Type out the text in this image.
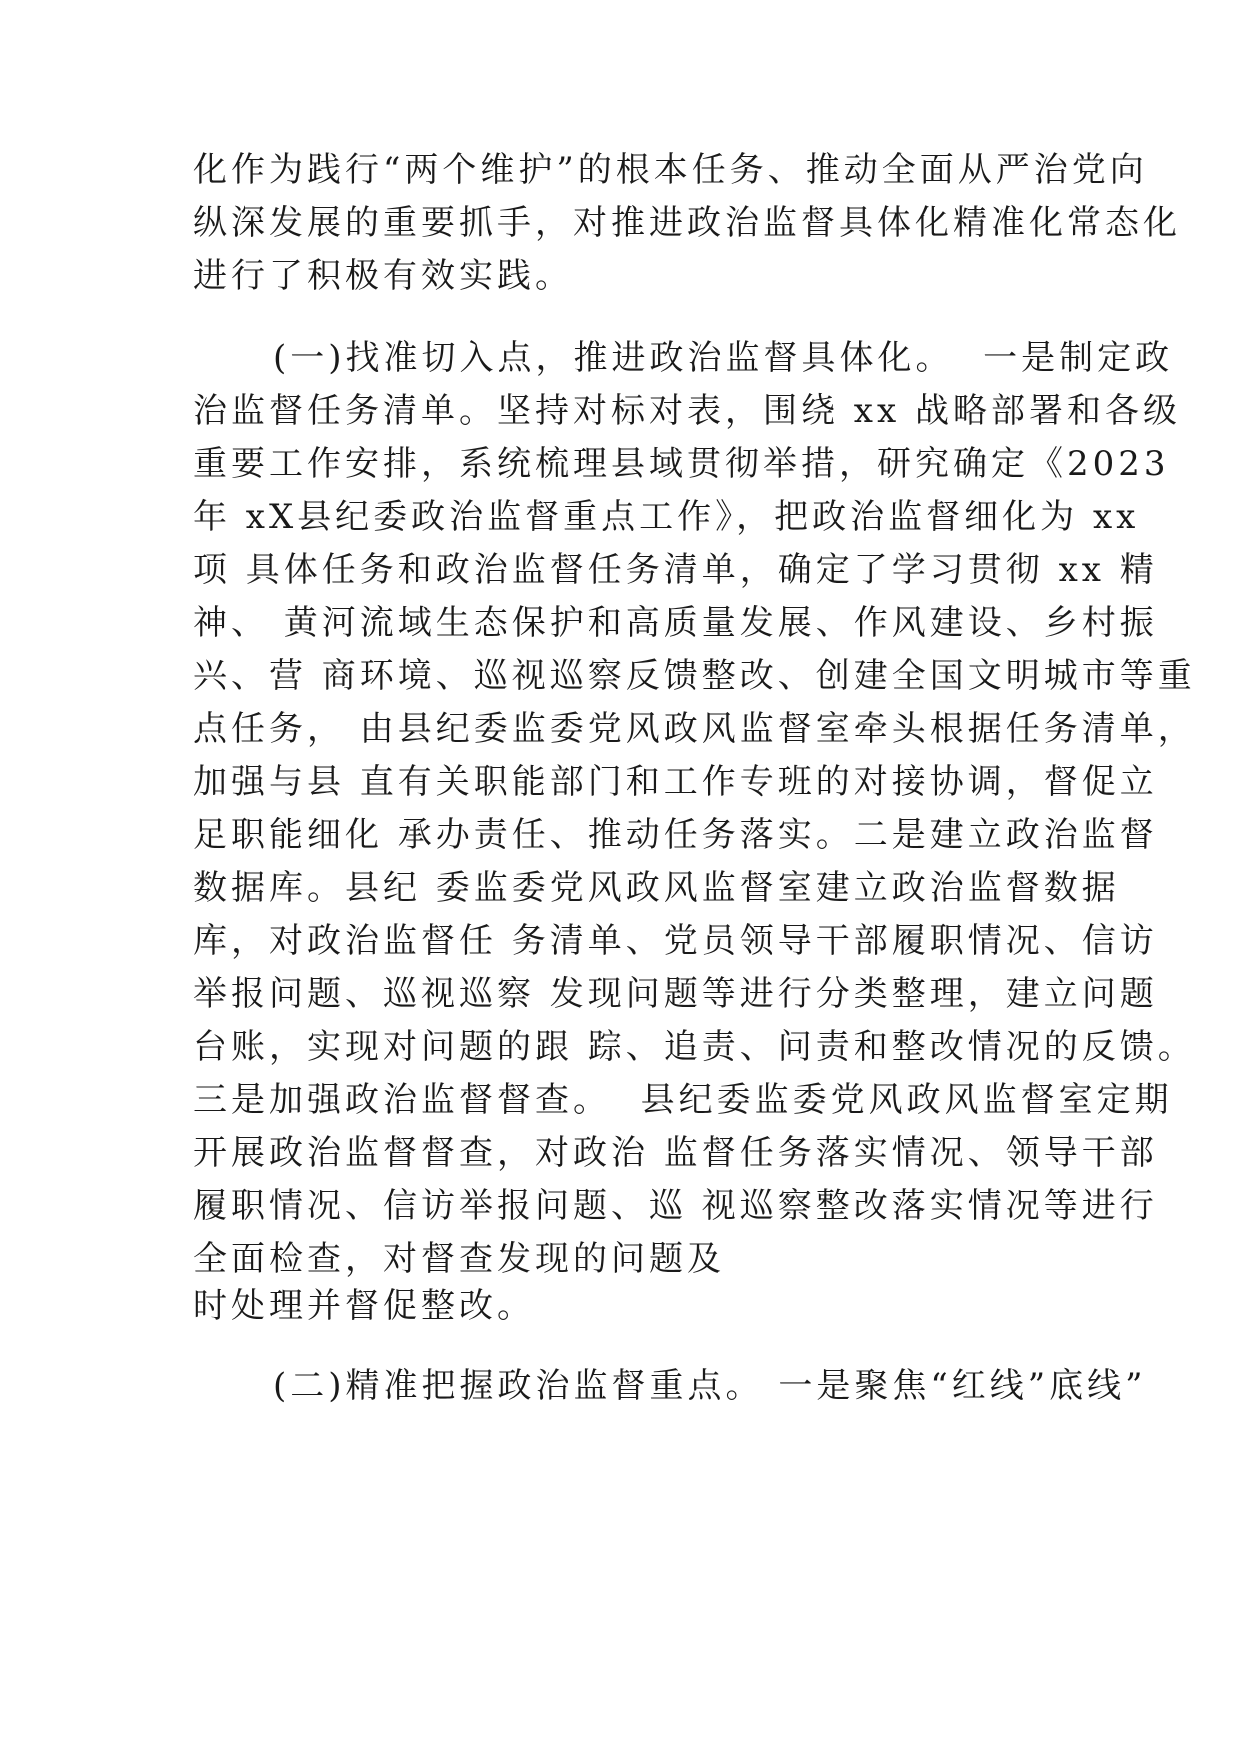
化作为践行“两个维护”的根本任务、推动全面从严治党向
纵深发展的重要抓手，对推进政治监督具体化精准化常态化
进行了积极有效实践。
(一)找准切入点，推进政治监督具体化。  一是制定政
治监督任务清单。坚持对标对表，围绕 xx 战略部署和各级
重要工作安排，系统梳理县域贯彻举措，研究确定《2023
年 xX县纪委政治监督重点工作》，把政治监督细化为 xx
项 具体任务和政治监督任务清单，确定了学习贯彻 xx 精
神、 黄河流域生态保护和高质量发展、作风建设、乡村振
兴、营 商环境、巡视巡察反馈整改、创建全国文明城市等重
点任务， 由县纪委监委党风政风监督室牵头根据任务清单，
加强与县 直有关职能部门和工作专班的对接协调，督促立
足职能细化 承办责任、推动任务落实。二是建立政治监督
数据库。县纪 委监委党风政风监督室建立政治监督数据
库，对政治监督任 务清单、党员领导干部履职情况、信访
举报问题、巡视巡察 发现问题等进行分类整理，建立问题
台账，实现对问题的跟 踪、追责、问责和整改情况的反馈。
三是加强政治监督督查。  县纪委监委党风政风监督室定期
开展政治监督督查，对政治 监督任务落实情况、领导干部
履职情况、信访举报问题、巡 视巡察整改落实情况等进行
全面检查，对督查发现的问题及
时处理并督促整改。
(二)精准把握政治监督重点。 一是聚焦“红线”底线”
